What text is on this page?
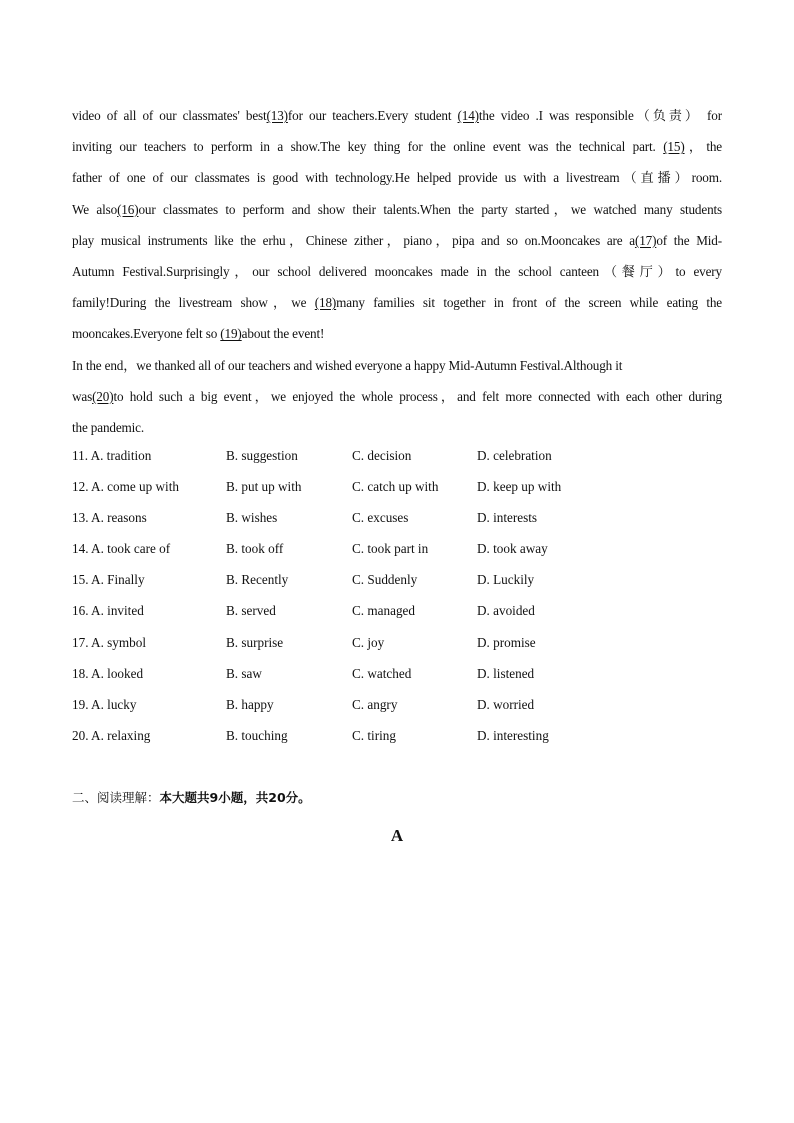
video of all of our classmates' best(13)for our teachers.Every student (14)the video .I was responsible（负责） for
inviting our teachers to perform in a show.The key thing for the online event was the technical part. (15)，the
father of one of our classmates is good with technology.He helped provide us with a livestream（直播）room.
We also(16)our classmates to perform and show their talents.When the party started，we watched many students
play musical instruments like the erhu，Chinese zither，piano，pipa and so on.Mooncakes are a(17)of the Mid-
Autumn Festival.Surprisingly，our school delivered mooncakes made in the school canteen（餐厅）to every
family!During the livestream show，we (18)many families sit together in front of the screen while eating the
mooncakes.Everyone felt so (19)about the event!
In the end，we thanked all of our teachers and wished everyone a happy Mid-Autumn Festival.Although it
was(20)to hold such a big event，we enjoyed the whole process，and felt more connected with each other during
the pandemic.
11. A. tradition	B. suggestion	C. decision	D. celebration
12. A. come up with	B. put up with	C. catch up with	D. keep up with
13. A. reasons	B. wishes	C. excuses	D. interests
14. A. took care of	B. took off	C. took part in	D. took away
15. A. Finally	B. Recently	C. Suddenly	D. Luckily
16. A. invited	B. served	C. managed	D. avoided
17. A. symbol	B. surprise	C. joy	D. promise
18. A. looked	B. saw	C. watched	D. listened
19. A. lucky	B. happy	C. angry	D. worried
20. A. relaxing	B. touching	C. tiring	D. interesting
二、阅读理解：本大题共9小题，共20分。
A
